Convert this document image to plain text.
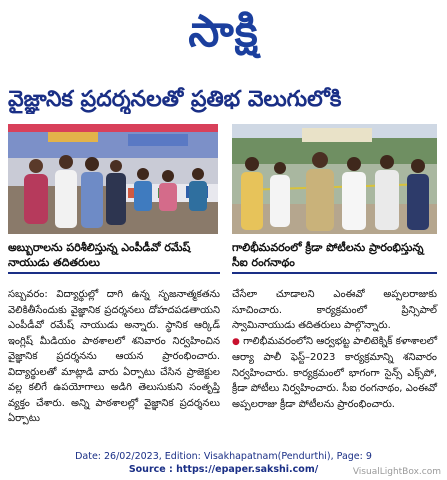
సాక్షి
వైజ్ఞానిక ప్రదర్శనలతో ప్రతిభ వెలుగులోకి
అబ్బురాలను పరిశీలిస్తున్న ఎంపీడీవో రమేష్ నాయుడు తదితరులు
గాలిభీమవరంలో క్రీడా పోటీలను ప్రారంభిస్తున్న సీఐ రంగనాథం

సబ్బవరం: విద్యార్థుల్లో దాగి ఉన్న సృజనాత్మకతను వెలికితీసేందుకు వైజ్ఞానిక ప్రదర్శనలు దోహదపడతాయని ఎంపీడీవో రమేష్ నాయుడు అన్నారు. స్థానిక ఆర్కిడ్ ఇంగ్లిష్ మీడియం పాఠశాలలో శనివారం నిర్వహించిన వైజ్ఞానిక ప్రదర్శనను ఆయన ప్రారంభించారు. విద్యార్థులతో మాట్లాడి వారు ఏర్పాటు చేసిన ప్రాజెక్టుల వల్ల కలిగే ఉపయోగాలు అడిగి తెలుసుకుని సంతృప్తి వ్యక్తం చేశారు. అన్ని పాఠశాలల్లో వైజ్ఞానిక ప్రదర్శనలు ఏర్పాటు

చేసేలా చూడాలని ఎంఈవో అప్పలరాజుకు సూచించారు. కార్యక్రమంలో ప్రిన్సిపాల్ స్వామినాయుడు తదితరులు పాల్గొన్నారు.

● గాలిభీమవరంలోని ఆర్వభట్ట పాలిటెక్నిక్ కళాశాలలో ఆర్యా పాలీ ఫెస్ట్–2023 కార్యక్రమాన్ని శనివారం నిర్వహించారు. కార్యక్రమంలో భాగంగా సైన్స్ ఎక్స్‌పో, క్రీడా పోటీలు నిర్వహించారు. సీఐ రంగనాథం, ఎంఈవో అప్పలరాజు క్రీడా పోటీలను ప్రారంభించారు.

Date: 26/02/2023, Edition: Visakhapatnam(Pendurthi), Page: 9
Source : https://epaper.sakshi.com/	VisualLightBox.com
